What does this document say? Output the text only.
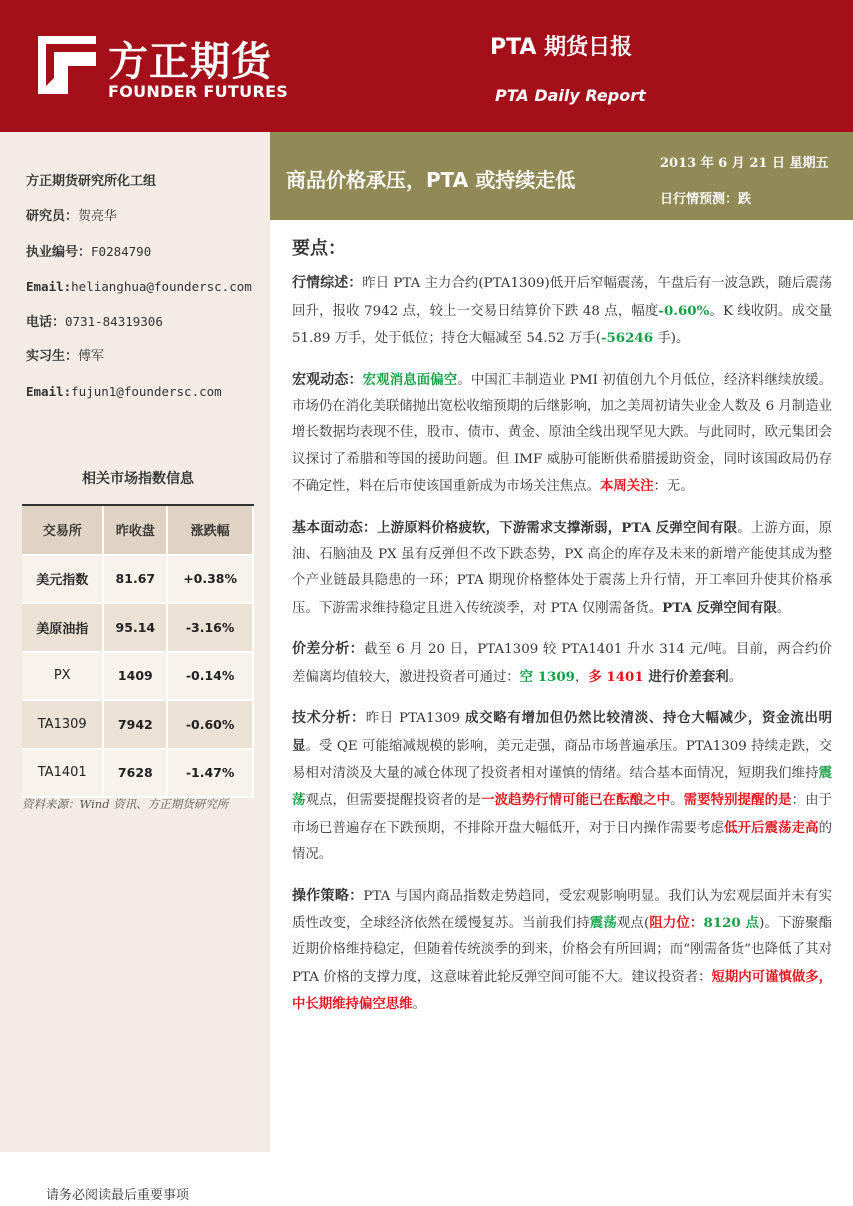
方正期货
FOUNDER FUTURES
PTA 期货日报
PTA Daily Report
方正期货研究所化工组
研究员：贺亮华
执业编号：F0284790
Email:helianghua@foundersc.com
电话：0731-84319306
实习生：傅军
Email:fujun1@foundersc.com
相关市场指数信息
交易所	昨收盘	涨跌幅
美元指数	81.67	+0.38%
美原油指	95.14	-3.16%
PX	1409	-0.14%
TA1309	7942	-0.60%
TA1401	7628	-1.47%
资料来源：Wind 资讯、方正期货研究所
商品价格承压，PTA 或持续走低
2013 年 6 月 21 日 星期五
日行情预测：跌
要点：
行情综述：昨日 PTA 主力合约(PTA1309)低开后窄幅震荡，午盘后有一波急跌，随后震荡回升，报收 7942 点，较上一交易日结算价下跌 48 点，幅度-0.60%。K 线收阴。成交量 51.89 万手，处于低位；持仓大幅减至 54.52 万手(-56246 手)。
宏观动态：宏观消息面偏空。中国汇丰制造业 PMI 初值创九个月低位，经济料继续放缓。市场仍在消化美联储抛出宽松收缩预期的后继影响，加之美周初请失业金人数及 6 月制造业增长数据均表现不佳，股市、债市、黄金、原油全线出现罕见大跌。与此同时，欧元集团会议探讨了希腊和等国的援助问题。但 IMF 威胁可能断供希腊援助资金，同时该国政局仍存不确定性，料在后市使该国重新成为市场关注焦点。本周关注：无。
基本面动态：上游原料价格疲软，下游需求支撑渐弱，PTA 反弹空间有限。上游方面，原油、石脑油及 PX 虽有反弹但不改下跌态势，PX 高企的库存及未来的新增产能使其成为整个产业链最具隐患的一环；PTA 期现价格整体处于震荡上升行情，开工率回升使其价格承压。下游需求维持稳定且进入传统淡季，对 PTA 仅刚需备货。PTA 反弹空间有限。
价差分析：截至 6 月 20 日，PTA1309 较 PTA1401 升水 314 元/吨。目前，两合约价差偏离均值较大，激进投资者可通过：空 1309，多 1401 进行价差套利。
技术分析：昨日 PTA1309 成交略有增加但仍然比较清淡、持仓大幅减少，资金流出明显。受 QE 可能缩减规模的影响，美元走强，商品市场普遍承压。PTA1309 持续走跌，交易相对清淡及大量的减仓体现了投资者相对谨慎的情绪。结合基本面情况，短期我们维持震荡观点，但需要提醒投资者的是一波趋势行情可能已在酝酿之中。需要特别提醒的是：由于市场已普遍存在下跌预期，不排除开盘大幅低开，对于日内操作需要考虑低开后震荡走高的情况。
操作策略：PTA 与国内商品指数走势趋同，受宏观影响明显。我们认为宏观层面并未有实质性改变，全球经济依然在缓慢复苏。当前我们持震荡观点(阻力位：8120 点)。下游聚酯近期价格维持稳定，但随着传统淡季的到来，价格会有所回调；而“刚需备货”也降低了其对 PTA 价格的支撑力度，这意味着此轮反弹空间可能不大。建议投资者：短期内可谨慎做多，中长期维持偏空思维。
请务必阅读最后重要事项
